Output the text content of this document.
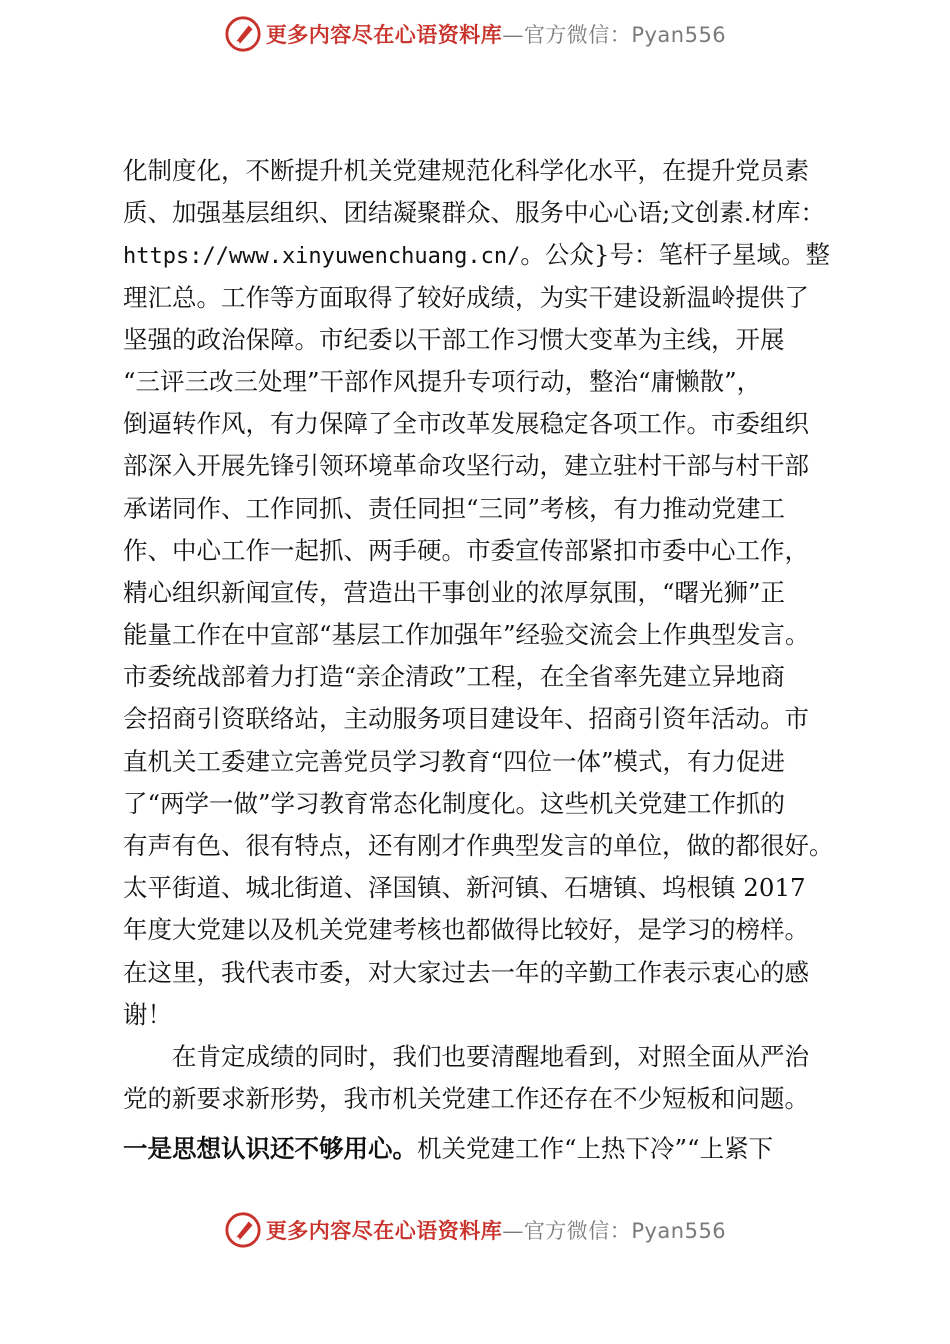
更多内容尽在心语资料库—官方微信：Pyan556
化制度化，不断提升机关党建规范化科学化水平，在提升党员素
质、加强基层组织、团结凝聚群众、服务中心心语;文创素.材库：
https://www.xinyuwenchuang.cn/。公众}号：笔杆子星域。整
理汇总。工作等方面取得了较好成绩，为实干建设新温岭提供了
坚强的政治保障。市纪委以干部工作习惯大变革为主线，开展
“三评三改三处理”干部作风提升专项行动，整治“庸懒散”，
倒逼转作风，有力保障了全市改革发展稳定各项工作。市委组织
部深入开展先锋引领环境革命攻坚行动，建立驻村干部与村干部
承诺同作、工作同抓、责任同担“三同”考核，有力推动党建工
作、中心工作一起抓、两手硬。市委宣传部紧扣市委中心工作，
精心组织新闻宣传，营造出干事创业的浓厚氛围，“曙光狮”正
能量工作在中宣部“基层工作加强年”经验交流会上作典型发言。
市委统战部着力打造“亲企清政”工程，在全省率先建立异地商
会招商引资联络站，主动服务项目建设年、招商引资年活动。市
直机关工委建立完善党员学习教育“四位一体”模式，有力促进
了“两学一做”学习教育常态化制度化。这些机关党建工作抓的
有声有色、很有特点，还有刚才作典型发言的单位，做的都很好。
太平街道、城北街道、泽国镇、新河镇、石塘镇、坞根镇 2017
年度大党建以及机关党建考核也都做得比较好，是学习的榜样。
在这里，我代表市委，对大家过去一年的辛勤工作表示衷心的感
谢！
在肯定成绩的同时，我们也要清醒地看到，对照全面从严治
党的新要求新形势，我市机关党建工作还存在不少短板和问题。
一是思想认识还不够用心。机关党建工作“上热下冷”“上紧下
更多内容尽在心语资料库—官方微信：Pyan556
